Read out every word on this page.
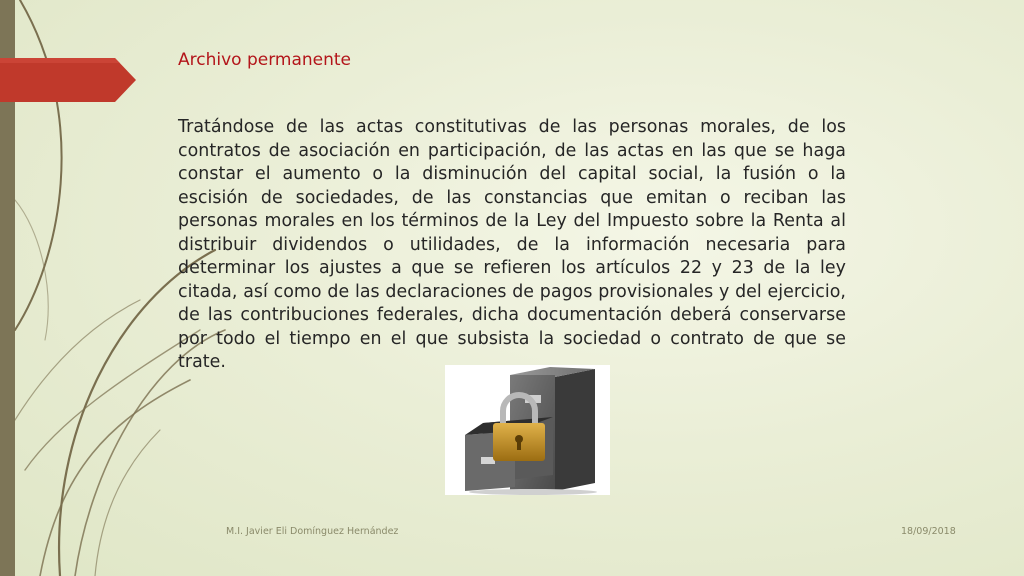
Archivo permanente
Tratándose de las actas constitutivas de las personas morales, de los contratos de asociación en participación, de las actas en las que se haga constar el aumento o la disminución del capital social, la fusión o la escisión de sociedades, de las constancias que emitan o reciban las personas morales en los términos de la Ley del Impuesto sobre la Renta al distribuir dividendos o utilidades, de la información necesaria para determinar los ajustes a que se refieren los artículos 22 y 23 de la ley citada, así como de las declaraciones de pagos provisionales y del ejercicio, de las contribuciones federales, dicha documentación deberá conservarse por todo el tiempo en el que subsista la sociedad o contrato de que se trate.
M.I. Javier Eli Domínguez Hernández	18/09/2018
